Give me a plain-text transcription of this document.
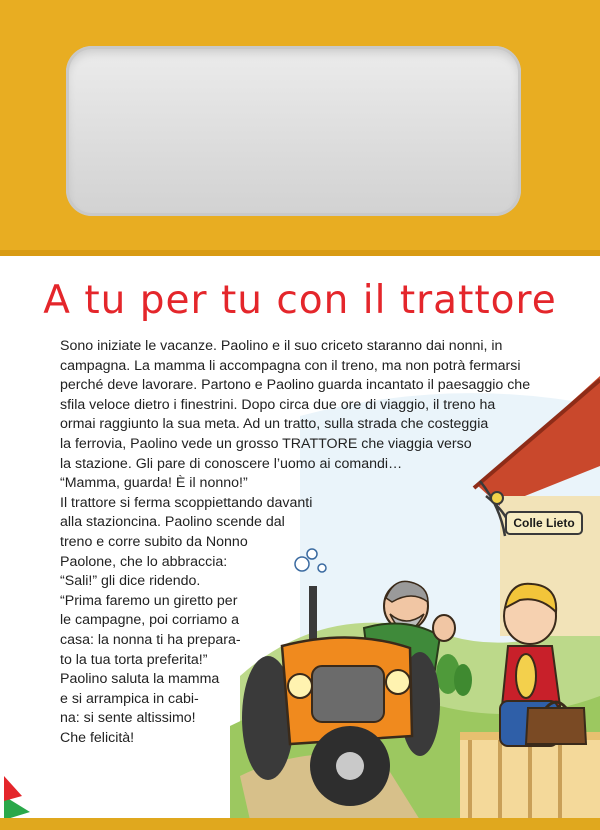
Colle Lieto
A tu per tu con il trattore
Sono iniziate le vacanze. Paolino e il suo criceto staranno dai nonni, in
campagna. La mamma li accompagna con il treno, ma non potrà fermarsi
perché deve lavorare. Partono e Paolino guarda incantato il paesaggio che
sfila veloce dietro i finestrini. Dopo circa due ore di viaggio, il treno ha
ormai raggiunto la sua meta. Ad un tratto, sulla strada che costeggia
la ferrovia, Paolino vede un grosso TRATTORE che viaggia verso
la stazione. Gli pare di conoscere l’uomo ai comandi…
“Mamma, guarda! È il nonno!”
Il trattore si ferma scoppiettando davanti
alla stazioncina. Paolino scende dal
treno e corre subito da Nonno
Paolone, che lo abbraccia:
“Sali!” gli dice ridendo.
“Prima faremo un giretto per
le campagne, poi corriamo a
casa: la nonna ti ha prepara-
to la tua torta preferita!”
Paolino saluta la mamma
e si arrampica in cabi-
na: si sente altissimo!
Che felicità!
